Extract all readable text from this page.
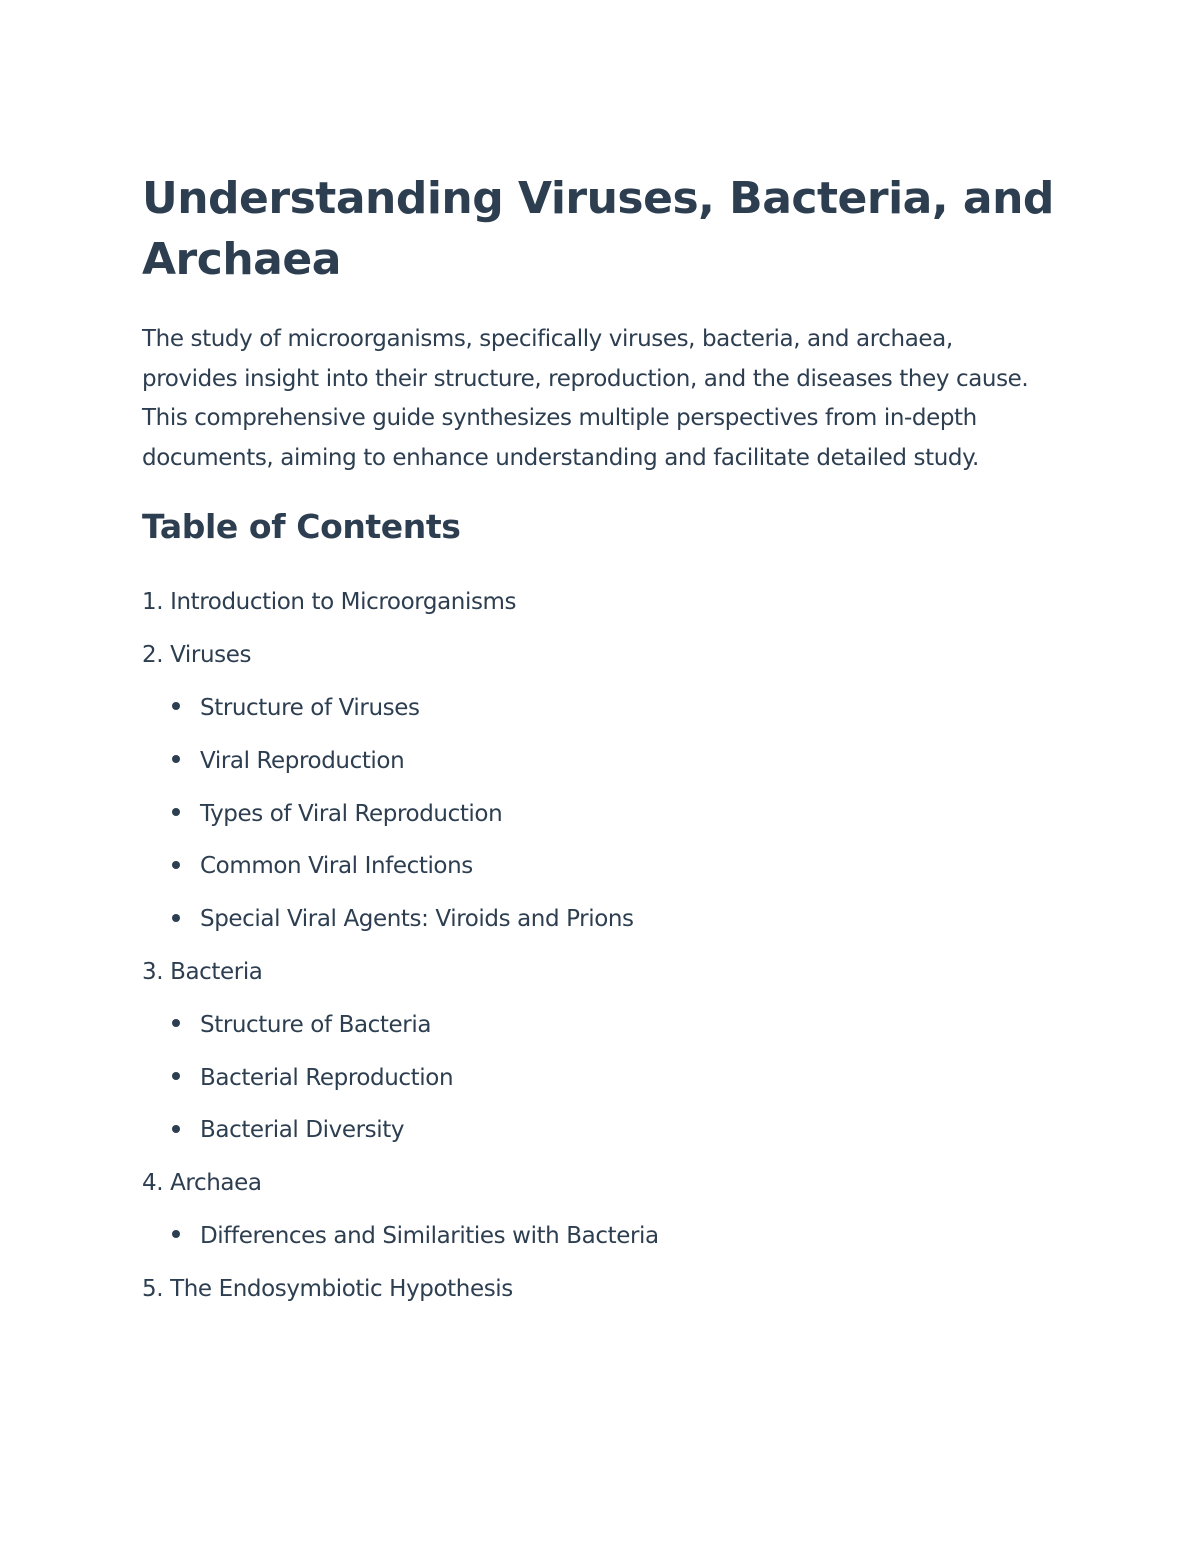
Understanding Viruses, Bacteria, and Archaea

The study of microorganisms, specifically viruses, bacteria, and archaea, provides insight into their structure, reproduction, and the diseases they cause. This comprehensive guide synthesizes multiple perspectives from in-depth documents, aiming to enhance understanding and facilitate detailed study.

Table of Contents
1. Introduction to Microorganisms
2. Viruses
Structure of Viruses
Viral Reproduction
Types of Viral Reproduction
Common Viral Infections
Special Viral Agents: Viroids and Prions
3. Bacteria
Structure of Bacteria
Bacterial Reproduction
Bacterial Diversity
4. Archaea
Differences and Similarities with Bacteria
5. The Endosymbiotic Hypothesis
